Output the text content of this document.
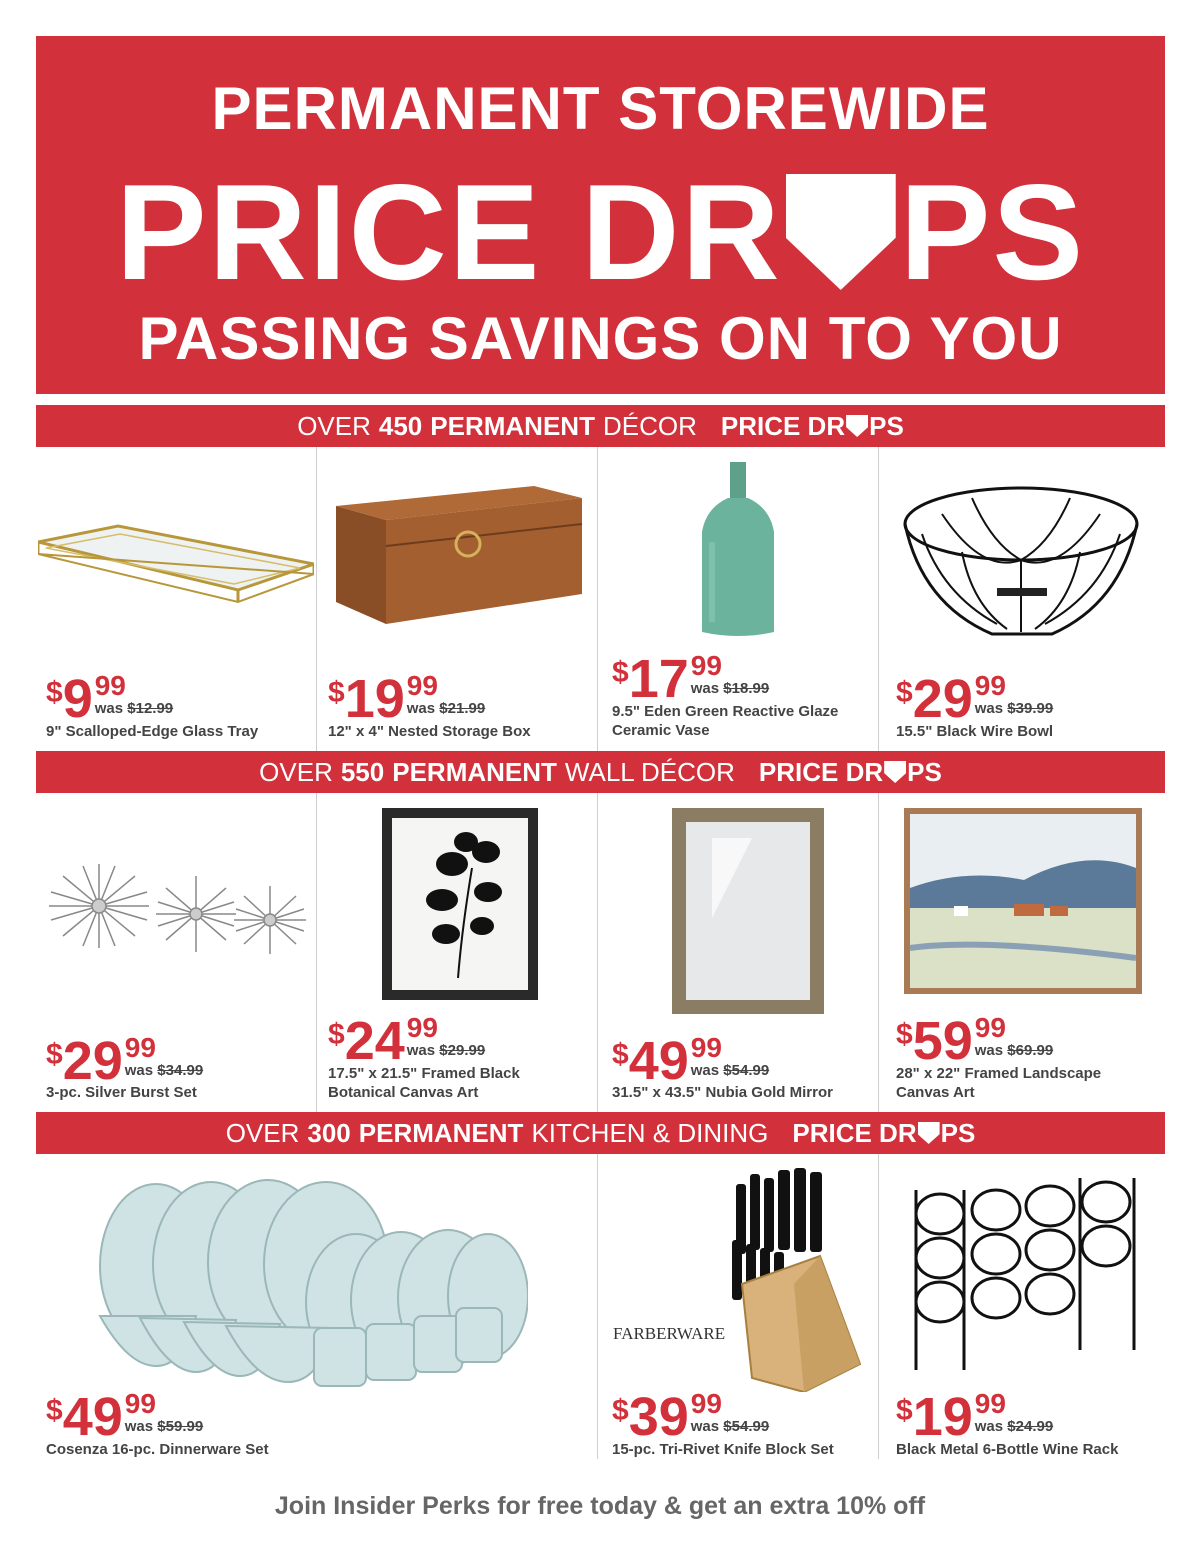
PERMANENT STOREWIDE
PRICE DR PS
PASSING SAVINGS ON TO YOU
OVER 450 PERMANENT DÉCOR PRICE DR PS
OVER 550 PERMANENT WALL DÉCOR PRICE DR PS
OVER 300 PERMANENT KITCHEN & DINING PRICE DR PS
FARBERWARE
$ 9 99
was $12.99
9" Scalloped-Edge Glass Tray
$ 19 99
was $21.99
12" x 4" Nested Storage Box
$ 17 99
was $18.99
9.5" Eden Green Reactive Glaze
Ceramic Vase
$ 29 99
was $39.99
15.5" Black Wire Bowl
$ 29 99
was $34.99
3-pc. Silver Burst Set
$ 24 99
was $29.99
17.5" x 21.5" Framed Black
Botanical Canvas Art
$ 49 99
was $54.99
31.5" x 43.5" Nubia Gold Mirror
$ 59 99
was $69.99
28" x 22" Framed Landscape
Canvas Art
$ 49 99
was $59.99
Cosenza 16-pc. Dinnerware Set
$ 39 99
was $54.99
15-pc. Tri-Rivet Knife Block Set
$ 19 99
was $24.99
Black Metal 6-Bottle Wine Rack
Join Insider Perks for free today & get an extra 10% off
